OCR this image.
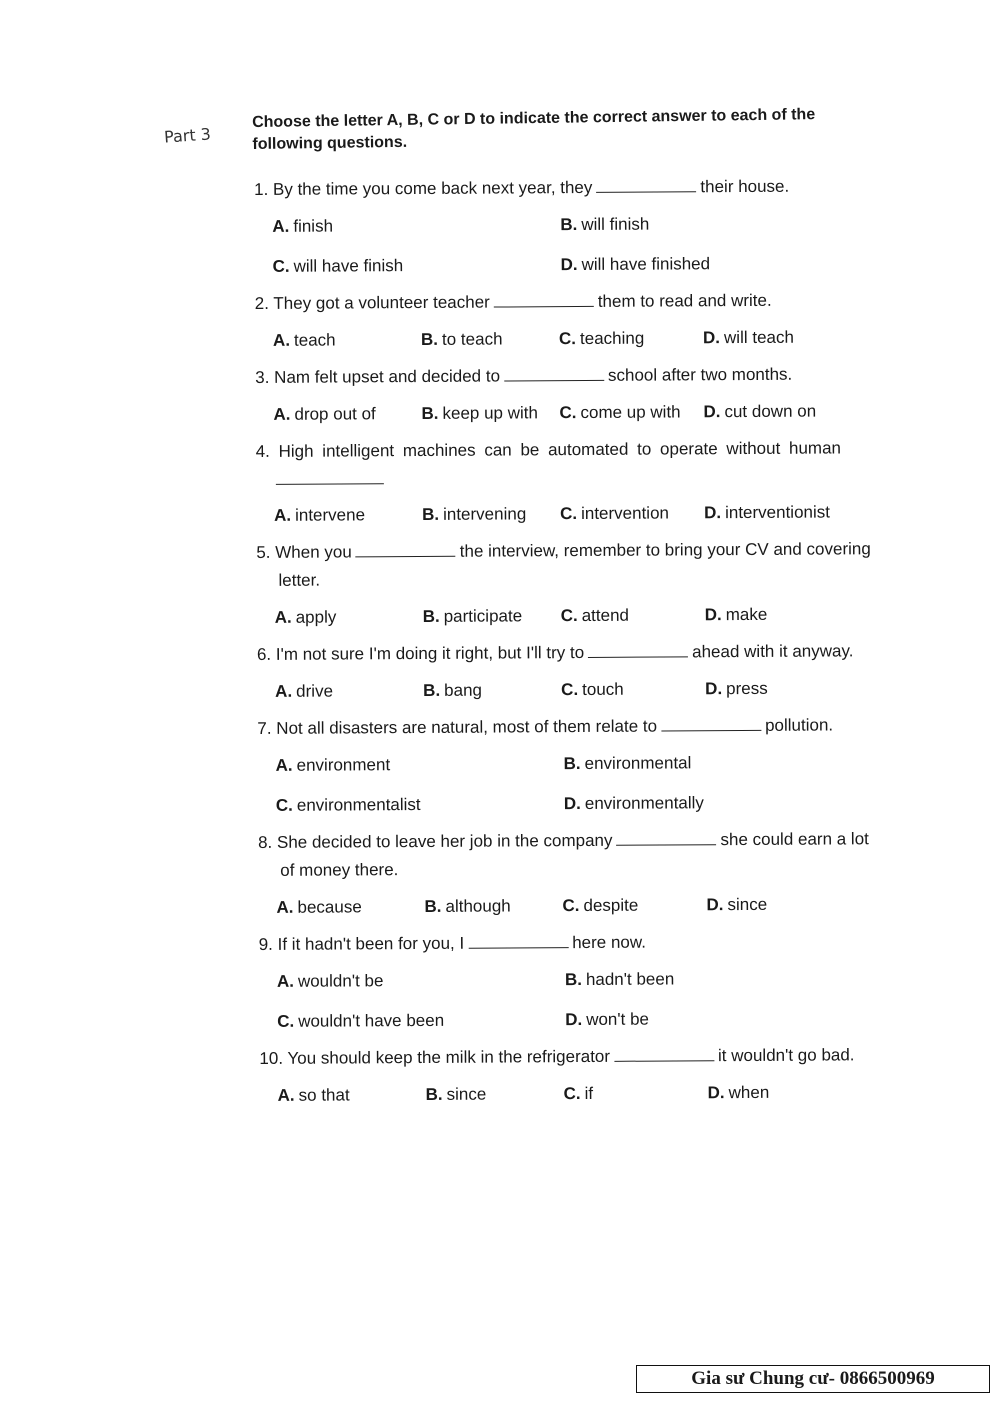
Part 3
Choose the letter A, B, C or D to indicate the correct answer to each of the following questions.
1. By the time you come back next year, they	their house.
A. finish	B. will finish
C. will have finish	D. will have finished
2. They got a volunteer teacher	them to read and write.
A. teach	B. to teach	C. teaching	D. will teach
3. Nam felt upset and decided to	school after two months.
A. drop out of	B. keep up with	C. come up with	D. cut down on
4. High intelligent machines can be automated to operate without human
A. intervene	B. intervening	C. intervention	D. interventionist
5. When you	the interview, remember to bring your CV and covering
letter.
A. apply	B. participate	C. attend	D. make
6. I'm not sure I'm doing it right, but I'll try to	ahead with it anyway.
A. drive	B. bang	C. touch	D. press
7. Not all disasters are natural, most of them relate to	pollution.
A. environment	B. environmental
C. environmentalist	D. environmentally
8. She decided to leave her job in the company	she could earn a lot
of money there.
A. because	B. although	C. despite	D. since
9. If it hadn't been for you, I	here now.
A. wouldn't be	B. hadn't been
C. wouldn't have been	D. won't be
10. You should keep the milk in the refrigerator	it wouldn't go bad.
A. so that	B. since	C. if	D. when
Gia sư Chung cư- 0866500969
